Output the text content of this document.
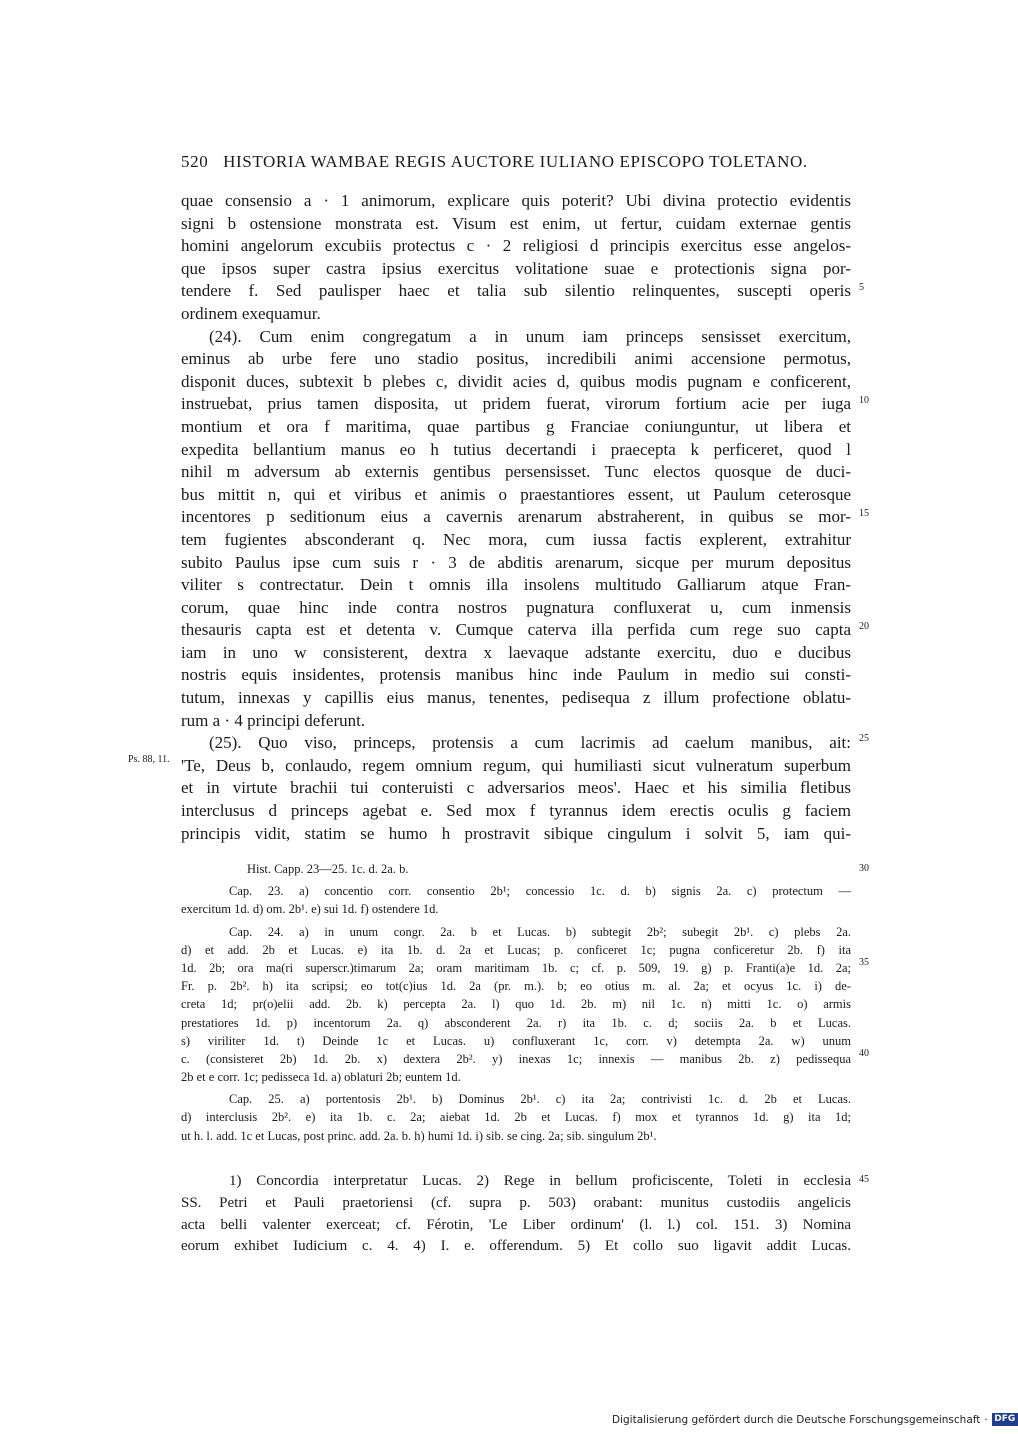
520 HISTORIA WAMBAE REGIS AUCTORE IULIANO EPISCOPO TOLETANO.
quae consensio a · 1 animorum, explicare quis poterit? Ubi divina protectio evidentis
signi b ostensione monstrata est. Visum est enim, ut fertur, cuidam externae gentis
homini angelorum excubiis protectus c · 2 religiosi d principis exercitus esse angelos-
que ipsos super castra ipsius exercitus volitatione suae e protectionis signa por-
tendere f. Sed paulisper haec et talia sub silentio relinquentes, suscepti operis
ordinem exequamur.
(24). Cum enim congregatum a in unum iam princeps sensisset exercitum,
eminus ab urbe fere uno stadio positus, incredibili animi accensione permotus,
disponit duces, subtexit b plebes c, dividit acies d, quibus modis pugnam e conficerent,
instruebat, prius tamen disposita, ut pridem fuerat, virorum fortium acie per iuga
montium et ora f maritima, quae partibus g Franciae coniunguntur, ut libera et
expedita bellantium manus eo h tutius decertandi i praecepta k perficeret, quod l
nihil m adversum ab externis gentibus persensisset. Tunc electos quosque de duci-
bus mittit n, qui et viribus et animis o praestantiores essent, ut Paulum ceterosque
incentores p seditionum eius a cavernis arenarum abstraherent, in quibus se mor-
tem fugientes absconderant q. Nec mora, cum iussa factis explerent, extrahitur
subito Paulus ipse cum suis r · 3 de abditis arenarum, sicque per murum depositus
viliter s contrectatur. Dein t omnis illa insolens multitudo Galliarum atque Fran-
corum, quae hinc inde contra nostros pugnatura confluxerat u, cum inmensis
thesauris capta est et detenta v. Cumque caterva illa perfida cum rege suo capta
iam in uno w consisterent, dextra x laevaque adstante exercitu, duo e ducibus
nostris equis insidentes, protensis manibus hinc inde Paulum in medio sui consti-
tutum, innexas y capillis eius manus, tenentes, pedisequa z illum profectione oblatu-
rum a · 4 principi deferunt.
(25). Quo viso, princeps, protensis a cum lacrimis ad caelum manibus, ait:
'Te, Deus b, conlaudo, regem omnium regum, qui humiliasti sicut vulneratum superbum
et in virtute brachii tui conteruisti c adversarios meos'. Haec et his similia fletibus
interclusus d princeps agebat e. Sed mox f tyrannus idem erectis oculis g faciem
principis vidit, statim se humo h prostravit sibique cingulum i solvit 5, iam qui-
5
10
15
20
25
30
35
40
45
Ps. 88, 11.
Hist. Capp. 23—25. 1c. d. 2a. b.
Cap. 23. a) concentio corr. consentio 2b¹; concessio 1c. d. b) signis 2a. c) protectum —
exercitum 1d. d) om. 2b¹. e) sui 1d. f) ostendere 1d.
Cap. 24. a) in unum congr. 2a. b et Lucas. b) subtegit 2b²; subegit 2b¹. c) plebs 2a.
d) et add. 2b et Lucas. e) ita 1b. d. 2a et Lucas; p. conficeret 1c; pugna conficeretur 2b. f) ita
1d. 2b; ora ma(ri superscr.)timarum 2a; oram maritimam 1b. c; cf. p. 509, 19. g) p. Franti(a)e 1d. 2a;
Fr. p. 2b². h) ita scripsi; eo tot(c)ius 1d. 2a (pr. m.). b; eo otius m. al. 2a; et ocyus 1c. i) de-
creta 1d; pr(o)elii add. 2b. k) percepta 2a. l) quo 1d. 2b. m) nil 1c. n) mitti 1c. o) armis
prestatiores 1d. p) incentorum 2a. q) absconderent 2a. r) ita 1b. c. d; sociis 2a. b et Lucas.
s) viriliter 1d. t) Deinde 1c et Lucas. u) confluxerant 1c, corr. v) detempta 2a. w) unum
c. (consisteret 2b) 1d. 2b. x) dextera 2b². y) inexas 1c; innexis — manibus 2b. z) pedissequa
2b et e corr. 1c; pedisseca 1d. a) oblaturi 2b; euntem 1d.
Cap. 25. a) portentosis 2b¹. b) Dominus 2b¹. c) ita 2a; contrivisti 1c. d. 2b et Lucas.
d) interclusis 2b². e) ita 1b. c. 2a; aiebat 1d. 2b et Lucas. f) mox et tyrannos 1d. g) ita 1d;
ut h. l. add. 1c et Lucas, post princ. add. 2a. b. h) humi 1d. i) sib. se cing. 2a; sib. singulum 2b¹.
1) Concordia interpretatur Lucas. 2) Rege in bellum proficiscente, Toleti in ecclesia
SS. Petri et Pauli praetoriensi (cf. supra p. 503) orabant: munitus custodiis angelicis
acta belli valenter exerceat; cf. Férotin, 'Le Liber ordinum' (l. l.) col. 151. 3) Nomina
eorum exhibet Iudicium c. 4. 4) I. e. offerendum. 5) Et collo suo ligavit addit Lucas.
Digitalisierung gefördert durch die Deutsche Forschungsgemeinschaft · DFG
